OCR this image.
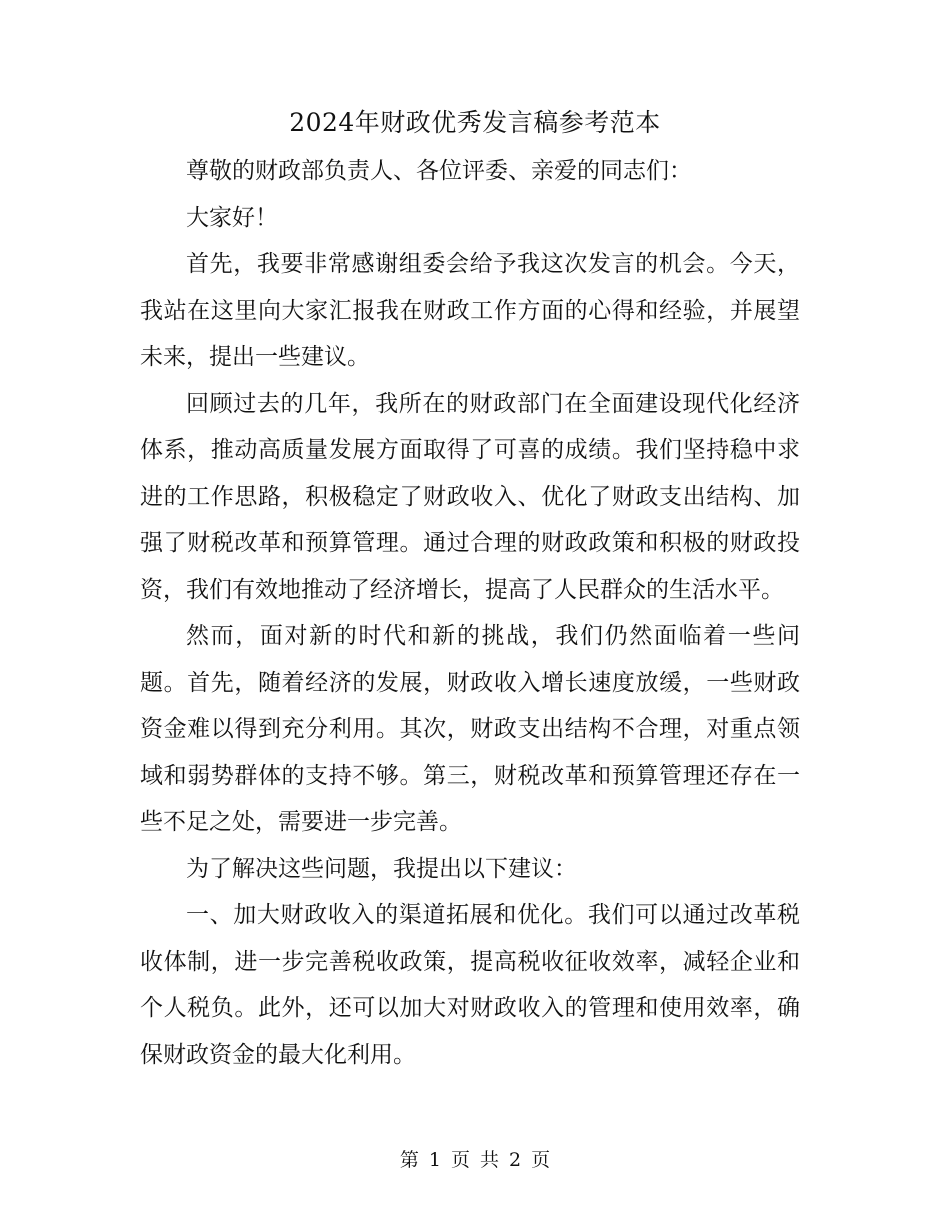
2024年财政优秀发言稿参考范本

尊敬的财政部负责人、各位评委、亲爱的同志们：

大家好！

首先，我要非常感谢组委会给予我这次发言的机会。今天，我站在这里向大家汇报我在财政工作方面的心得和经验，并展望未来，提出一些建议。

回顾过去的几年，我所在的财政部门在全面建设现代化经济体系，推动高质量发展方面取得了可喜的成绩。我们坚持稳中求进的工作思路，积极稳定了财政收入、优化了财政支出结构、加强了财税改革和预算管理。通过合理的财政政策和积极的财政投资，我们有效地推动了经济增长，提高了人民群众的生活水平。

然而，面对新的时代和新的挑战，我们仍然面临着一些问题。首先，随着经济的发展，财政收入增长速度放缓，一些财政资金难以得到充分利用。其次，财政支出结构不合理，对重点领域和弱势群体的支持不够。第三，财税改革和预算管理还存在一些不足之处，需要进一步完善。

为了解决这些问题，我提出以下建议：

一、加大财政收入的渠道拓展和优化。我们可以通过改革税收体制，进一步完善税收政策，提高税收征收效率，减轻企业和个人税负。此外，还可以加大对财政收入的管理和使用效率，确保财政资金的最大化利用。

第 1 页 共 2 页
